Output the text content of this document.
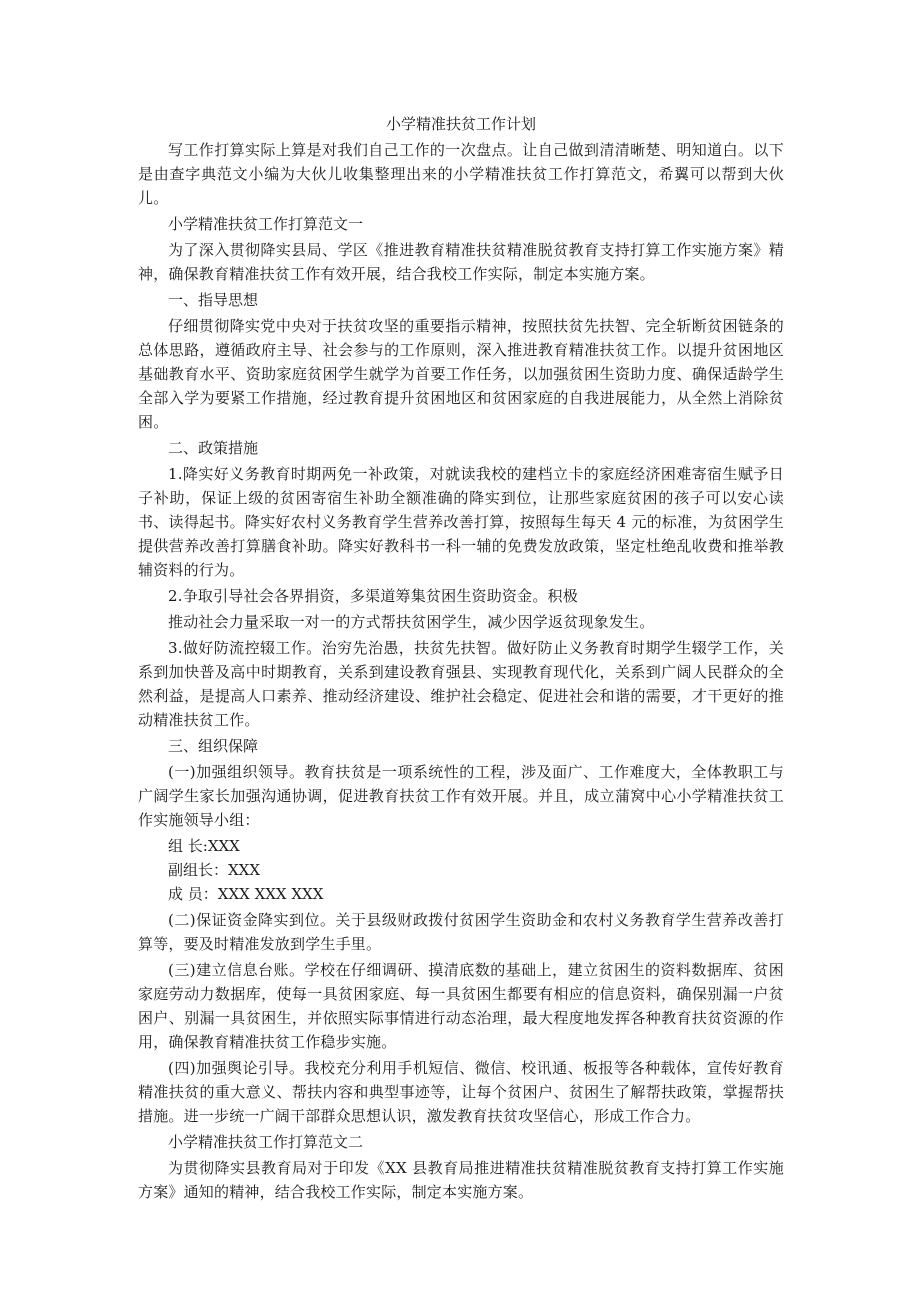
小学精准扶贫工作计划

写工作打算实际上算是对我们自己工作的一次盘点。让自己做到清清晰楚、明知道白。以下是由查字典范文小编为大伙儿收集整理出来的小学精准扶贫工作打算范文，希翼可以帮到大伙儿。

小学精准扶贫工作打算范文一

为了深入贯彻降实县局、学区《推进教育精准扶贫精准脱贫教育支持打算工作实施方案》精神，确保教育精准扶贫工作有效开展，结合我校工作实际，制定本实施方案。

一、指导思想

仔细贯彻降实党中央对于扶贫攻坚的重要指示精神，按照扶贫先扶智、完全斩断贫困链条的总体思路，遵循政府主导、社会参与的工作原则，深入推进教育精准扶贫工作。以提升贫困地区基础教育水平、资助家庭贫困学生就学为首要工作任务，以加强贫困生资助力度、确保适龄学生全部入学为要紧工作措施，经过教育提升贫困地区和贫困家庭的自我进展能力，从全然上消除贫困。

二、政策措施

1.降实好义务教育时期两免一补政策，对就读我校的建档立卡的家庭经济困难寄宿生赋予日子补助，保证上级的贫困寄宿生补助全额准确的降实到位，让那些家庭贫困的孩子可以安心读书、读得起书。降实好农村义务教育学生营养改善打算，按照每生每天 4 元的标准，为贫困学生提供营养改善打算膳食补助。降实好教科书一科一辅的免费发放政策，坚定杜绝乱收费和推举教辅资料的行为。

2.争取引导社会各界捐资，多渠道筹集贫困生资助资金。积极

推动社会力量采取一对一的方式帮扶贫困学生，减少因学返贫现象发生。

3.做好防流控辍工作。治穷先治愚，扶贫先扶智。做好防止义务教育时期学生辍学工作，关系到加快普及高中时期教育，关系到建设教育强县、实现教育现代化，关系到广阔人民群众的全然利益，是提高人口素养、推动经济建设、维护社会稳定、促进社会和谐的需要，才干更好的推动精准扶贫工作。

三、组织保障

(一)加强组织领导。教育扶贫是一项系统性的工程，涉及面广、工作难度大，全体教职工与广阔学生家长加强沟通协调，促进教育扶贫工作有效开展。并且，成立蒲窝中心小学精准扶贫工作实施领导小组：

组 长:XXX

副组长：XXX

成 员：XXX XXX XXX

(二)保证资金降实到位。关于县级财政拨付贫困学生资助金和农村义务教育学生营养改善打算等，要及时精准发放到学生手里。

(三)建立信息台账。学校在仔细调研、摸清底数的基础上，建立贫困生的资料数据库、贫困家庭劳动力数据库，使每一具贫困家庭、每一具贫困生都要有相应的信息资料，确保别漏一户贫困户、别漏一具贫困生，并依照实际事情进行动态治理，最大程度地发挥各种教育扶贫资源的作用，确保教育精准扶贫工作稳步实施。

(四)加强舆论引导。我校充分利用手机短信、微信、校讯通、板报等各种载体，宣传好教育精准扶贫的重大意义、帮扶内容和典型事迹等，让每个贫困户、贫困生了解帮扶政策，掌握帮扶措施。进一步统一广阔干部群众思想认识，激发教育扶贫攻坚信心，形成工作合力。

小学精准扶贫工作打算范文二

为贯彻降实县教育局对于印发《XX 县教育局推进精准扶贫精准脱贫教育支持打算工作实施方案》通知的精神，结合我校工作实际，制定本实施方案。
